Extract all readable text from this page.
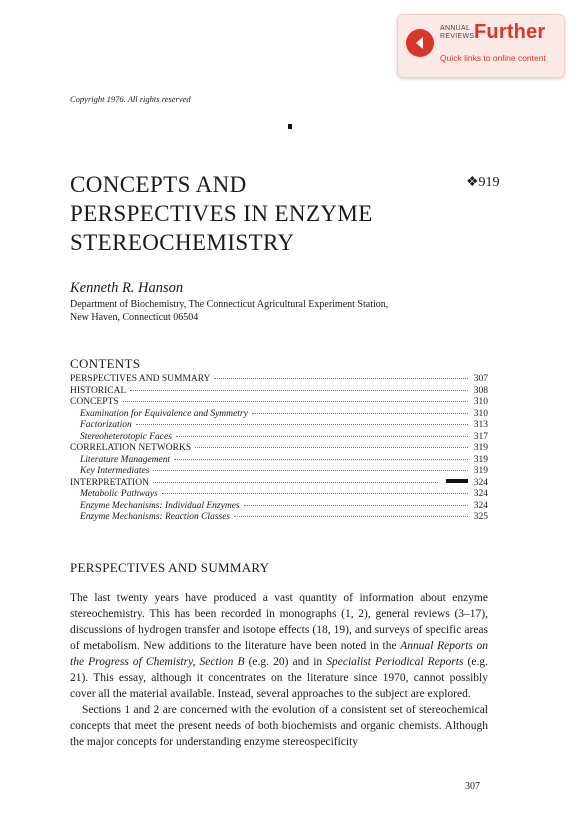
ANNUAL
REVIEWS Further
Quick links to online content
Copyright 1976. All rights reserved
CONCEPTS AND
PERSPECTIVES IN ENZYME
STEREOCHEMISTRY
❖919
Kenneth R. Hanson
Department of Biochemistry, The Connecticut Agricultural Experiment Station,
New Haven, Connecticut 06504
CONTENTS
PERSPECTIVES AND SUMMARY	307
HISTORICAL	308
CONCEPTS	310
Examination for Equivalence and Symmetry	310
Factorization	313
Stereoheterotopic Faces	317
CORRELATION NETWORKS	319
Literature Management	319
Key Intermediates	319
INTERPRETATION	324
Metabolic Pathways	324
Enzyme Mechanisms: Individual Enzymes	324
Enzyme Mechanisms: Reaction Classes	325
PERSPECTIVES AND SUMMARY

The last twenty years have produced a vast quantity of information about enzyme stereochemistry. This has been recorded in monographs (1, 2), general reviews (3–17), discussions of hydrogen transfer and isotope effects (18, 19), and surveys of specific areas of metabolism. New additions to the literature have been noted in the Annual Reports on the Progress of Chemistry, Section B (e.g. 20) and in Specialist Periodical Reports (e.g. 21). This essay, although it concentrates on the literature since 1970, cannot possibly cover all the material available. Instead, several approaches to the subject are explored.

Sections 1 and 2 are concerned with the evolution of a consistent set of stereochemical concepts that meet the present needs of both biochemists and organic chemists. Although the major concepts for understanding enzyme stereospecificity

307
